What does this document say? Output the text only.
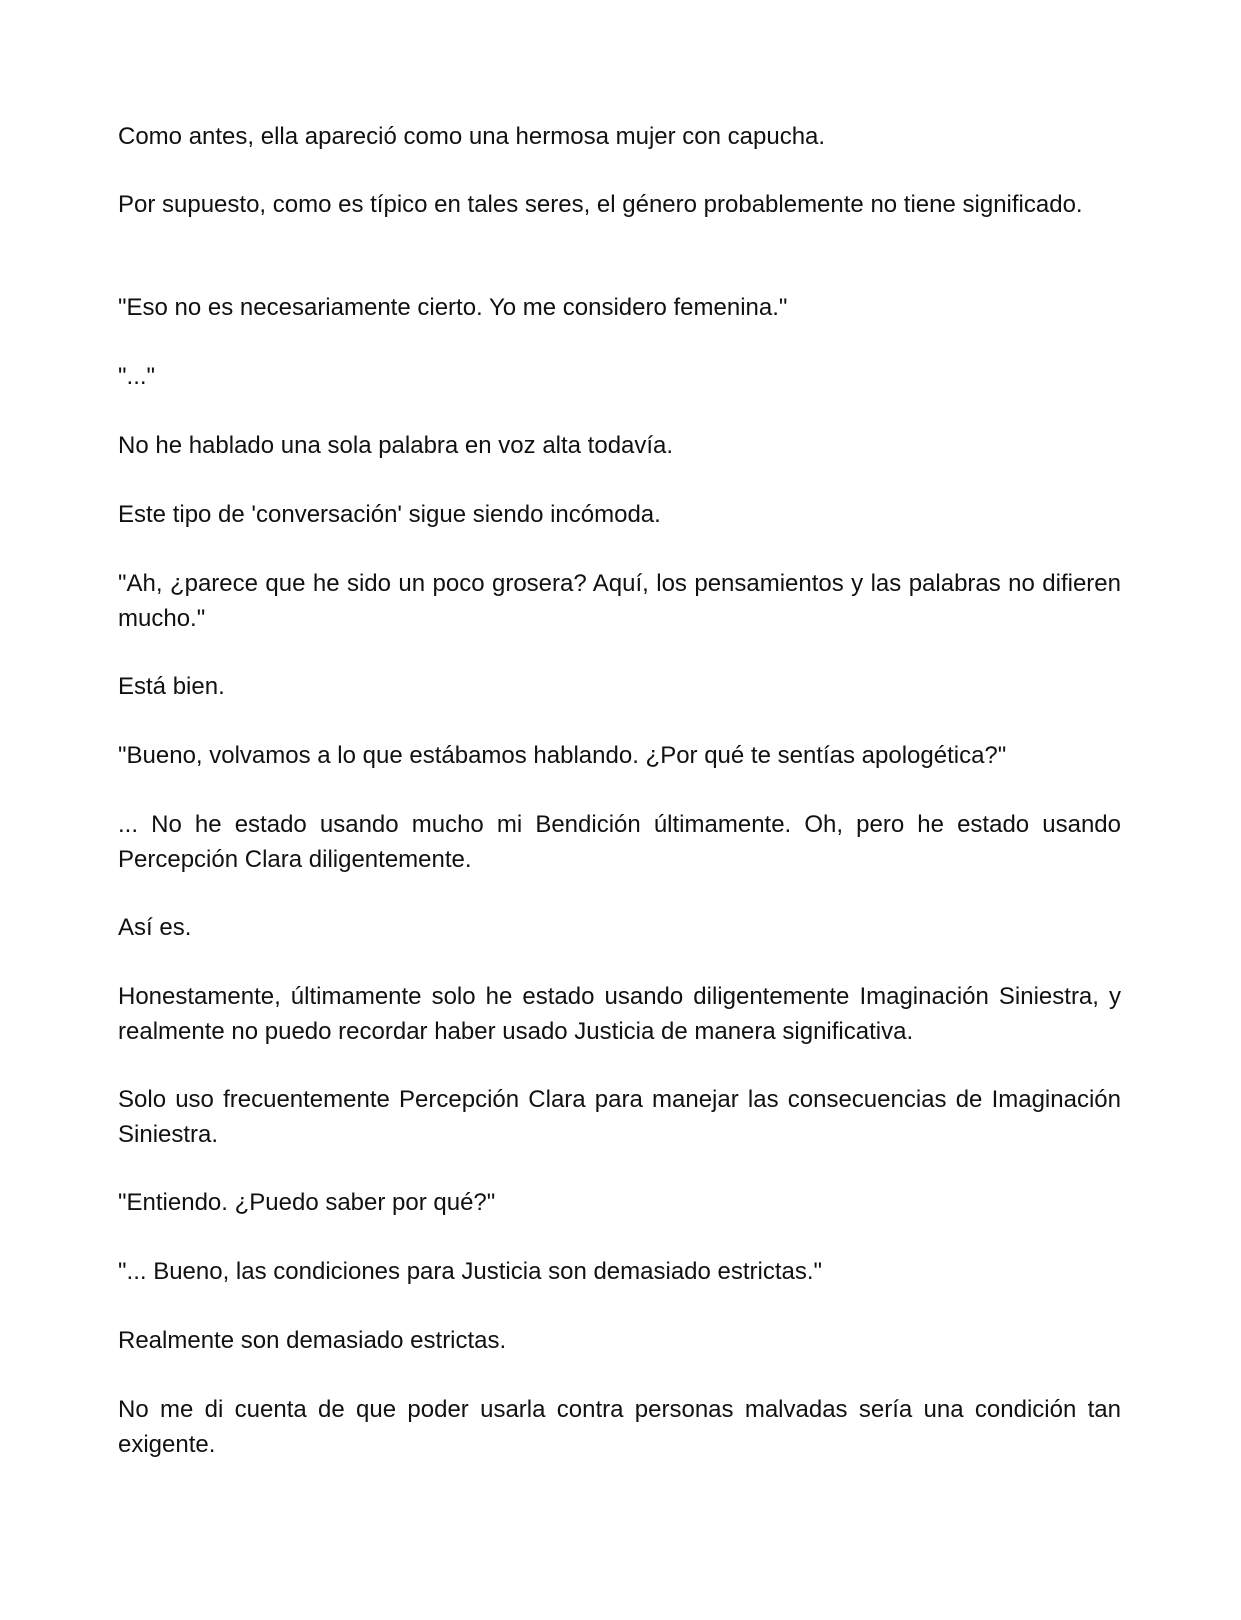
Como antes, ella apareció como una hermosa mujer con capucha.

Por supuesto, como es típico en tales seres, el género probablemente no tiene significado.

"Eso no es necesariamente cierto. Yo me considero femenina."

"..."

No he hablado una sola palabra en voz alta todavía.

Este tipo de 'conversación' sigue siendo incómoda.

"Ah, ¿parece que he sido un poco grosera? Aquí, los pensamientos y las palabras no difieren mucho."

Está bien.

"Bueno, volvamos a lo que estábamos hablando. ¿Por qué te sentías apologética?"

... No he estado usando mucho mi Bendición últimamente. Oh, pero he estado usando Percepción Clara diligentemente.

Así es.

Honestamente, últimamente solo he estado usando diligentemente Imaginación Siniestra, y realmente no puedo recordar haber usado Justicia de manera significativa.

Solo uso frecuentemente Percepción Clara para manejar las consecuencias de Imaginación Siniestra.

"Entiendo. ¿Puedo saber por qué?"

"... Bueno, las condiciones para Justicia son demasiado estrictas."

Realmente son demasiado estrictas.

No me di cuenta de que poder usarla contra personas malvadas sería una condición tan exigente.
